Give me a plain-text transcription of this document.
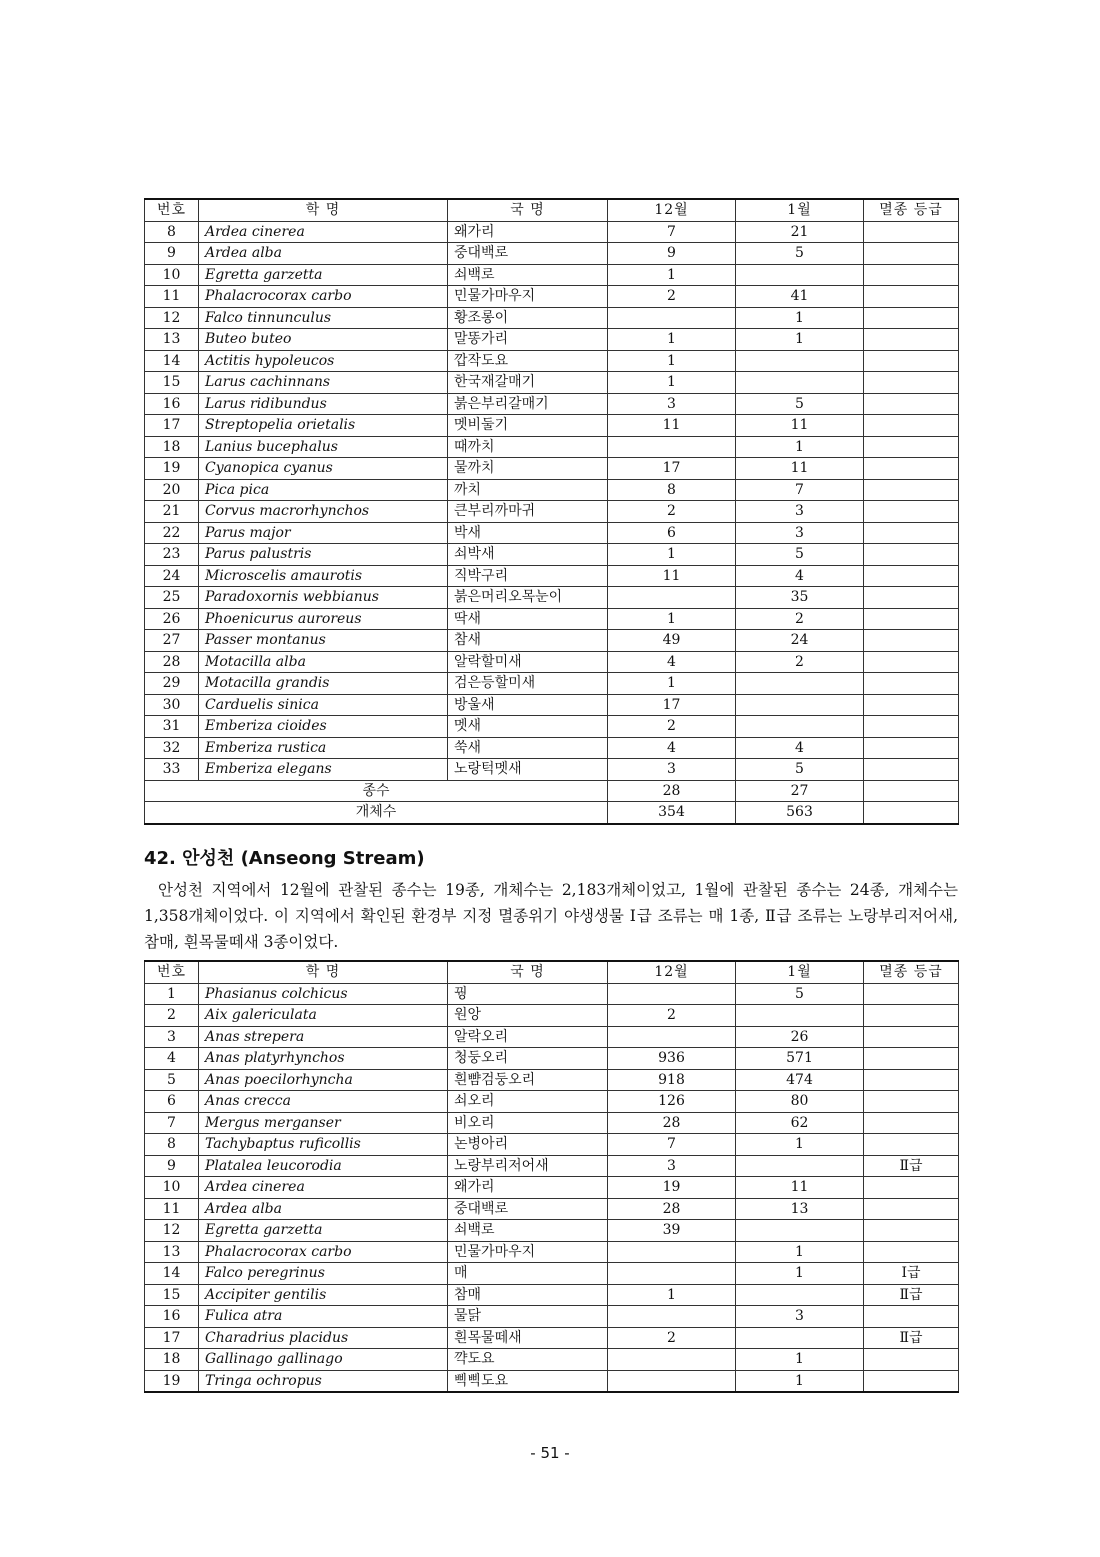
번호	학 명	국 명	12월	1월	멸종 등급
8	Ardea cinerea	왜가리	7	21	
9	Ardea alba	중대백로	9	5	
10	Egretta garzetta	쇠백로	1		
11	Phalacrocorax carbo	민물가마우지	2	41	
12	Falco tinnunculus	황조롱이		1	
13	Buteo buteo	말똥가리	1	1	
14	Actitis hypoleucos	깝작도요	1		
15	Larus cachinnans	한국재갈매기	1		
16	Larus ridibundus	붉은부리갈매기	3	5	
17	Streptopelia orietalis	멧비둘기	11	11	
18	Lanius bucephalus	때까치		1	
19	Cyanopica cyanus	물까치	17	11	
20	Pica pica	까치	8	7	
21	Corvus macrorhynchos	큰부리까마귀	2	3	
22	Parus major	박새	6	3	
23	Parus palustris	쇠박새	1	5	
24	Microscelis amaurotis	직박구리	11	4	
25	Paradoxornis webbianus	붉은머리오목눈이		35	
26	Phoenicurus auroreus	딱새	1	2	
27	Passer montanus	참새	49	24	
28	Motacilla alba	알락할미새	4	2	
29	Motacilla grandis	검은등할미새	1		
30	Carduelis sinica	방울새	17		
31	Emberiza cioides	멧새	2		
32	Emberiza rustica	쑥새	4	4	
33	Emberiza elegans	노랑턱멧새	3	5	
종수			28	27	
개체수			354	563	
42. 안성천 (Anseong Stream)

안성천 지역에서 12월에 관찰된 종수는 19종, 개체수는 2,183개체이었고, 1월에 관찰된 종수는 24종, 개체수는 1,358개체이었다. 이 지역에서 확인된 환경부 지정 멸종위기 야생생물 Ⅰ급 조류는 매 1종, Ⅱ급 조류는 노랑부리저어새, 참매, 흰목물떼새 3종이었다.

번호	학 명	국 명	12월	1월	멸종 등급
1	Phasianus colchicus	꿩		5	
2	Aix galericulata	원앙	2		
3	Anas strepera	알락오리		26	
4	Anas platyrhynchos	청둥오리	936	571	
5	Anas poecilorhyncha	흰뺨검둥오리	918	474	
6	Anas crecca	쇠오리	126	80	
7	Mergus merganser	비오리	28	62	
8	Tachybaptus ruficollis	논병아리	7	1	
9	Platalea leucorodia	노랑부리저어새	3		Ⅱ급
10	Ardea cinerea	왜가리	19	11	
11	Ardea alba	중대백로	28	13	
12	Egretta garzetta	쇠백로	39		
13	Phalacrocorax carbo	민물가마우지		1	
14	Falco peregrinus	매		1	Ⅰ급
15	Accipiter gentilis	참매	1		Ⅱ급
16	Fulica atra	물닭		3	
17	Charadrius placidus	흰목물떼새	2		Ⅱ급
18	Gallinago gallinago	꺅도요		1	
19	Tringa ochropus	삑삑도요		1	
- 51 -
